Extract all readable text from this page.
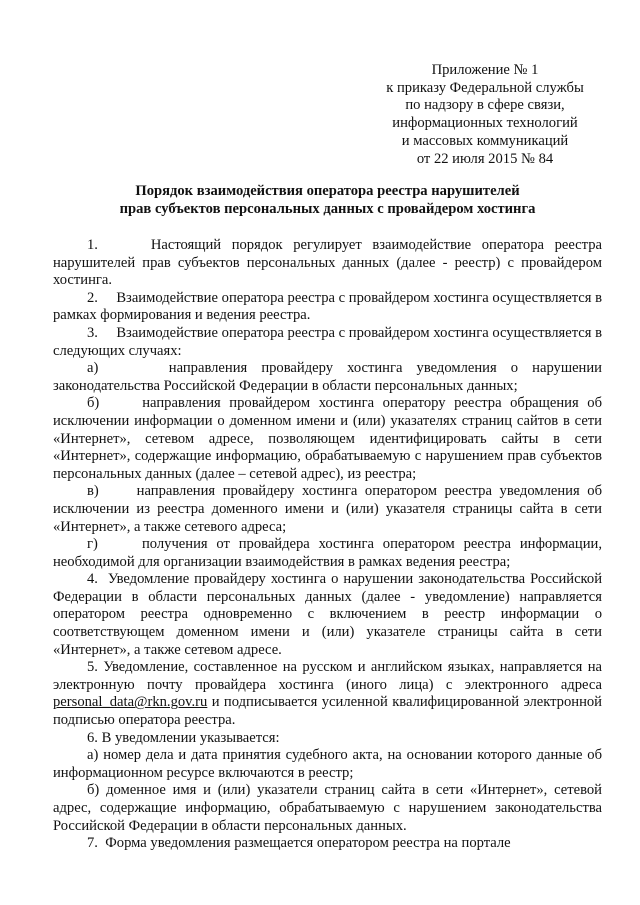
Приложение № 1
к приказу Федеральной службы
по надзору в сфере связи,
информационных технологий
и массовых коммуникаций
от 22 июля 2015 № 84
Порядок взаимодействия оператора реестра нарушителей
прав субъектов персональных данных с провайдером хостинга

1.     Настоящий порядок регулирует взаимодействие оператора реестра нарушителей прав субъектов персональных данных (далее - реестр) с провайдером хостинга.

2.     Взаимодействие оператора реестра с провайдером хостинга осуществляется в рамках формирования и ведения реестра.

3.     Взаимодействие оператора реестра с провайдером хостинга осуществляется в следующих случаях:

а)     направления провайдеру хостинга уведомления о нарушении законодательства Российской Федерации в области персональных данных;

б)     направления провайдером хостинга оператору реестра обращения об исключении информации о доменном имени и (или) указателях страниц сайтов в сети «Интернет», сетевом адресе, позволяющем идентифицировать сайты в сети «Интернет», содержащие информацию, обрабатываемую с нарушением прав субъектов персональных данных (далее – сетевой адрес), из реестра;

в)     направления провайдеру хостинга оператором реестра уведомления об исключении из реестра доменного имени и (или) указателя страницы сайта в сети «Интернет», а также сетевого адреса;

г)     получения от провайдера хостинга оператором реестра информации, необходимой для организации взаимодействия в рамках ведения реестра;

4.  Уведомление провайдеру хостинга о нарушении законодательства Российской Федерации в области персональных данных (далее - уведомление) направляется оператором реестра одновременно с включением в реестр информации о соответствующем доменном имени и (или) указателе страницы сайта в сети «Интернет», а также сетевом адресе.

5. Уведомление, составленное на русском и английском языках, направляется на электронную почту провайдера хостинга (иного лица) с электронного адреса personal_data@rkn.gov.ru и подписывается усиленной квалифицированной электронной подписью оператора реестра.

6. В уведомлении указывается:

а) номер дела и дата принятия судебного акта, на основании которого данные об информационном ресурсе включаются в реестр;

б) доменное имя и (или) указатели страниц сайта в сети «Интернет», сетевой адрес, содержащие информацию, обрабатываемую с нарушением законодательства Российской Федерации в области персональных данных.

7.  Форма уведомления размещается оператором реестра на портале
